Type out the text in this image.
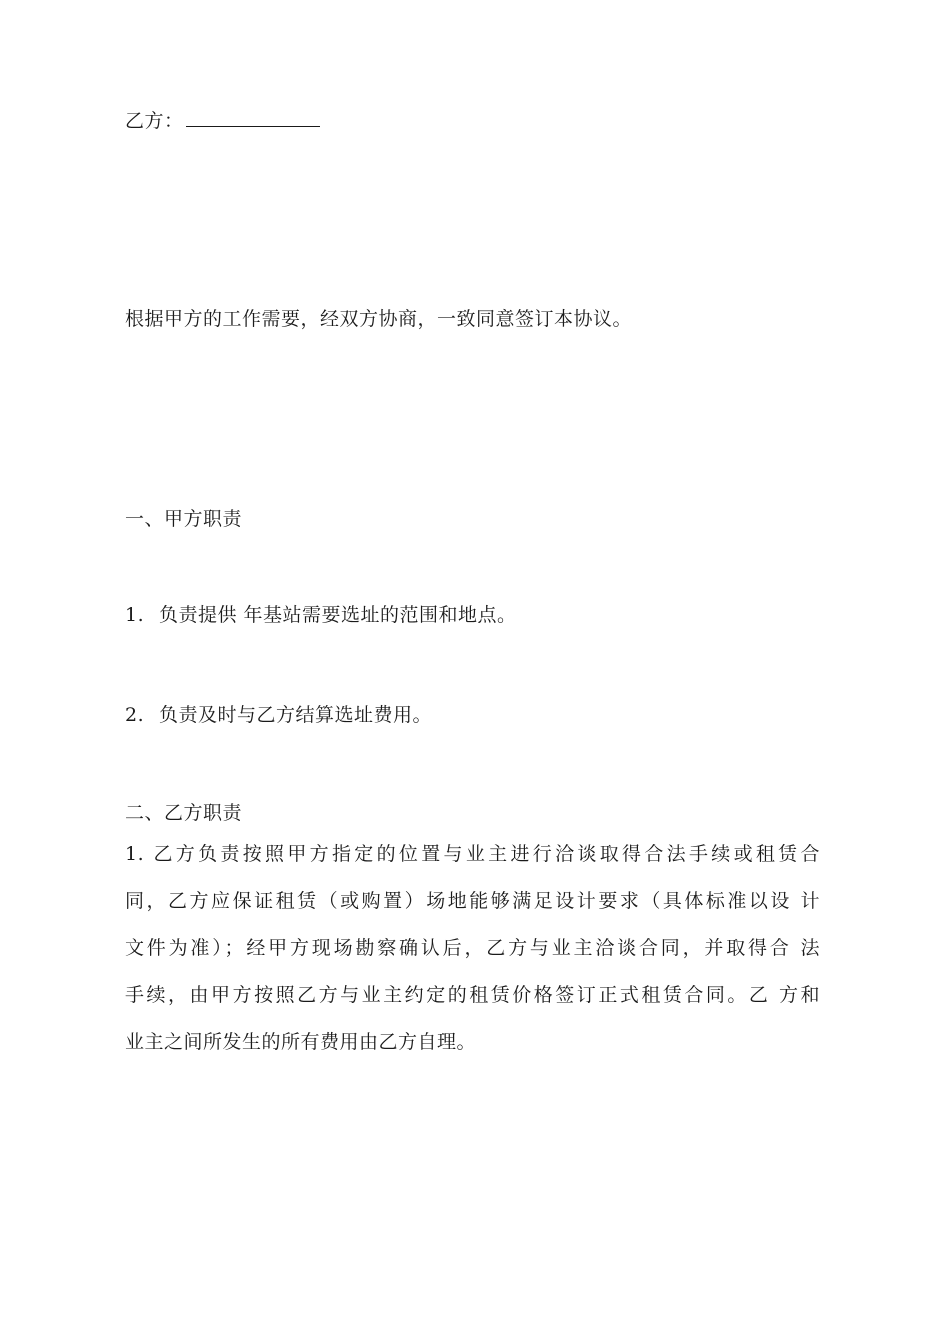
乙方：
根据甲方的工作需要，经双方协商，一致同意签订本协议。
一、甲方职责
1. 负责提供 年基站需要选址的范围和地点。
2. 负责及时与乙方结算选址费用。
二、乙方职责
1. 乙方负责按照甲方指定的位置与业主进行洽谈取得合法手续或租赁合
同，乙方应保证租赁（或购置）场地能够满足设计要求（具体标准以设 计
文件为准）；经甲方现场勘察确认后，乙方与业主洽谈合同，并取得合 法
手续，由甲方按照乙方与业主约定的租赁价格签订正式租赁合同。乙 方和
业主之间所发生的所有费用由乙方自理。
